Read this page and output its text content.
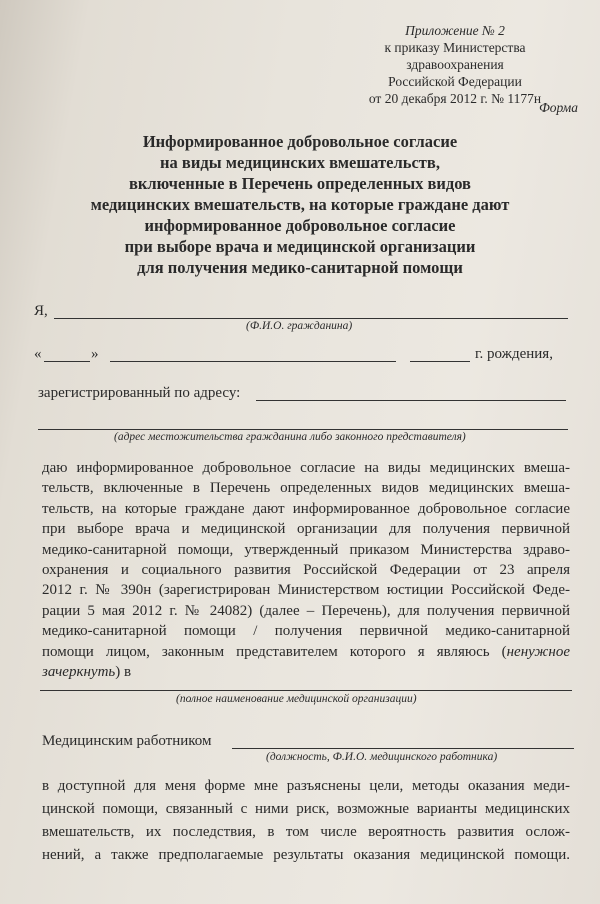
Приложение № 2
к приказу Министерства здравоохранения
Российской Федерации
от 20 декабря 2012 г. № 1177н
Форма
Информированное добровольное согласие
на виды медицинских вмешательств,
включенные в Перечень определенных видов
медицинских вмешательств, на которые граждане дают
информированное добровольное согласие
при выборе врача и медицинской организации
для получения медико-санитарной помощи
Я,
(Ф.И.О. гражданина)
«	»	г. рождения,
зарегистрированный по адресу:
(адрес местожительства гражданина либо законного представителя)
даю информированное добровольное согласие на виды медицинских вмеша-
тельств, включенные в Перечень определенных видов медицинских вмеша-
тельств, на которые граждане дают информированное добровольное согласие
при выборе врача и медицинской организации для получения первичной
медико-санитарной помощи, утвержденный приказом Министерства здраво-
охранения и социального развития Российской Федерации от 23 апреля
2012 г. № 390н (зарегистрирован Министерством юстиции Российской Феде-
рации 5 мая 2012 г. № 24082) (далее – Перечень), для получения первичной
медико-санитарной помощи / получения первичной медико-санитарной
помощи лицом, законным представителем которого я являюсь (ненужное
зачеркнуть) в
(полное наименование медицинской организации)
Медицинским работником
(должность, Ф.И.О. медицинского работника)
в доступной для меня форме мне разъяснены цели, методы оказания меди-
цинской помощи, связанный с ними риск, возможные варианты медицинских
вмешательств, их последствия, в том числе вероятность развития ослож-
нений, а также предполагаемые результаты оказания медицинской помощи.
